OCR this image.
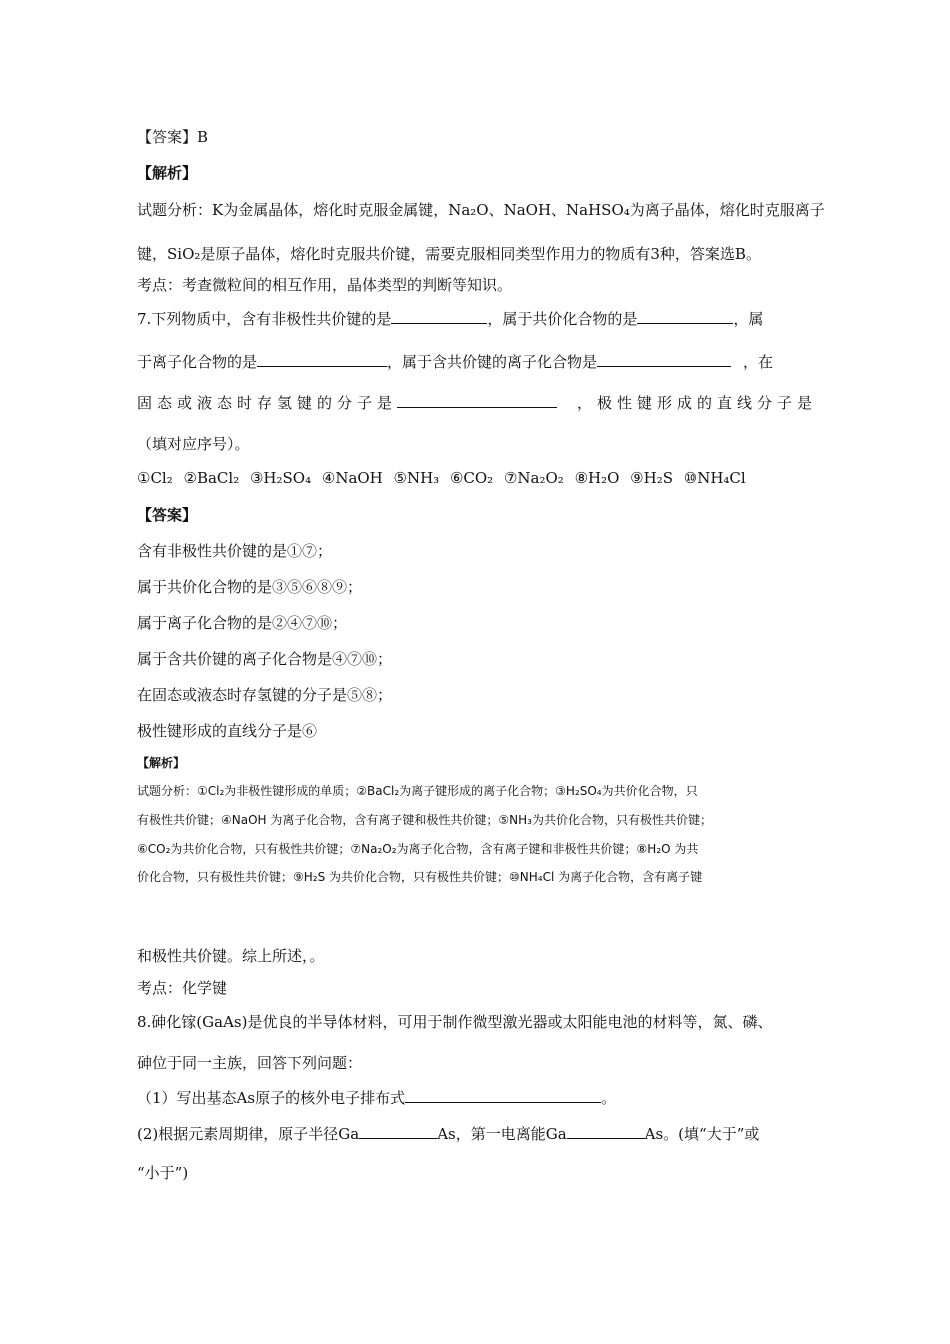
【答案】B
【解析】
试题分析：K为金属晶体，熔化时克服金属键，Na₂O、NaOH、NaHSO₄为离子晶体，熔化时克服离子
键，SiO₂是原子晶体，熔化时克服共价键，需要克服相同类型作用力的物质有3种，答案选B。
考点：考查微粒间的相互作用，晶体类型的判断等知识。
7.下列物质中，含有非极性共价键的是	，属于共价化合物的是	，属
于离子化合物的是	，属于含共价键的离子化合物是	，在
固态或液态时存氢键的分子是	，极性键形成的直线分子是
（填对应序号）。
①Cl₂ ②BaCl₂ ③H₂SO₄ ④NaOH ⑤NH₃ ⑥CO₂ ⑦Na₂O₂ ⑧H₂O ⑨H₂S ⑩NH₄Cl
【答案】
含有非极性共价键的是①⑦；
属于共价化合物的是③⑤⑥⑧⑨；
属于离子化合物的是②④⑦⑩；
属于含共价键的离子化合物是④⑦⑩；
在固态或液态时存氢键的分子是⑤⑧；
极性键形成的直线分子是⑥
【解析】
试题分析：①Cl₂为非极性键形成的单质；②BaCl₂为离子键形成的离子化合物；③H₂SO₄为共价化合物，只
有极性共价键；④NaOH 为离子化合物，含有离子键和极性共价键；⑤NH₃为共价化合物，只有极性共价键；
⑥CO₂为共价化合物，只有极性共价键；⑦Na₂O₂为离子化合物，含有离子键和非极性共价键；⑧H₂O 为共
价化合物，只有极性共价键；⑨H₂S 为共价化合物，只有极性共价键；⑩NH₄Cl 为离子化合物，含有离子键
和极性共价键。综上所述，。
考点：化学键
8.砷化镓(GaAs)是优良的半导体材料，可用于制作微型激光器或太阳能电池的材料等，氮、磷、
砷位于同一主族，回答下列问题：
（1）写出基态As原子的核外电子排布式	。
(2)根据元素周期律，原子半径Ga	As，第一电离能Ga	As。(填“大于”或
“小于”)
